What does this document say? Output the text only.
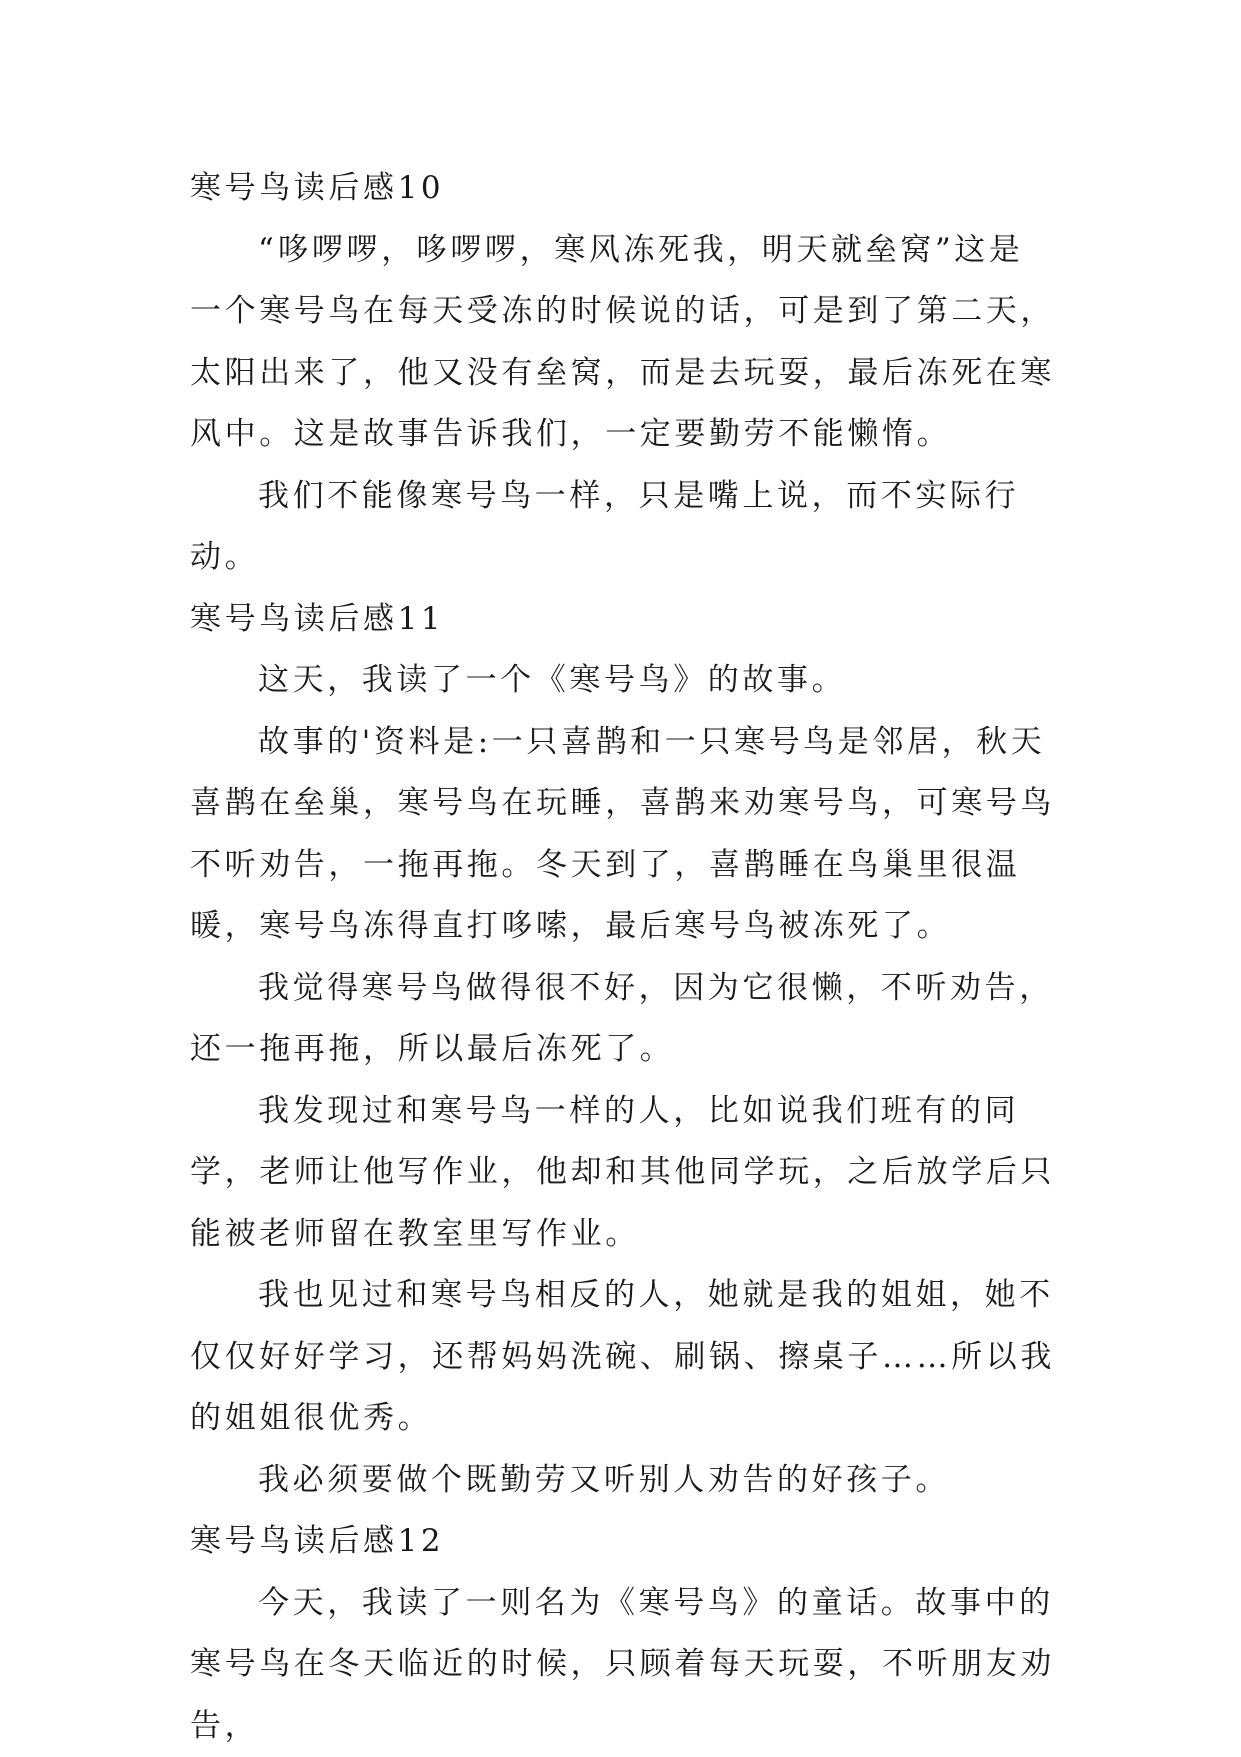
寒号鸟读后感10

“哆啰啰，哆啰啰，寒风冻死我，明天就垒窝”这是一个寒号鸟在每天受冻的时候说的话，可是到了第二天，太阳出来了，他又没有垒窝，而是去玩耍，最后冻死在寒风中。这是故事告诉我们，一定要勤劳不能懒惰。

我们不能像寒号鸟一样，只是嘴上说，而不实际行动。

寒号鸟读后感11

这天，我读了一个《寒号鸟》的故事。

故事的'资料是:一只喜鹊和一只寒号鸟是邻居，秋天喜鹊在垒巢，寒号鸟在玩睡，喜鹊来劝寒号鸟，可寒号鸟不听劝告，一拖再拖。冬天到了，喜鹊睡在鸟巢里很温暖，寒号鸟冻得直打哆嗦，最后寒号鸟被冻死了。

我觉得寒号鸟做得很不好，因为它很懒，不听劝告，还一拖再拖，所以最后冻死了。

我发现过和寒号鸟一样的人，比如说我们班有的同学，老师让他写作业，他却和其他同学玩，之后放学后只能被老师留在教室里写作业。

我也见过和寒号鸟相反的人，她就是我的姐姐，她不仅仅好好学习，还帮妈妈洗碗、刷锅、擦桌子……所以我的姐姐很优秀。

我必须要做个既勤劳又听别人劝告的好孩子。

寒号鸟读后感12

今天，我读了一则名为《寒号鸟》的童话。故事中的寒号鸟在冬天临近的时候，只顾着每天玩耍，不听朋友劝告，
